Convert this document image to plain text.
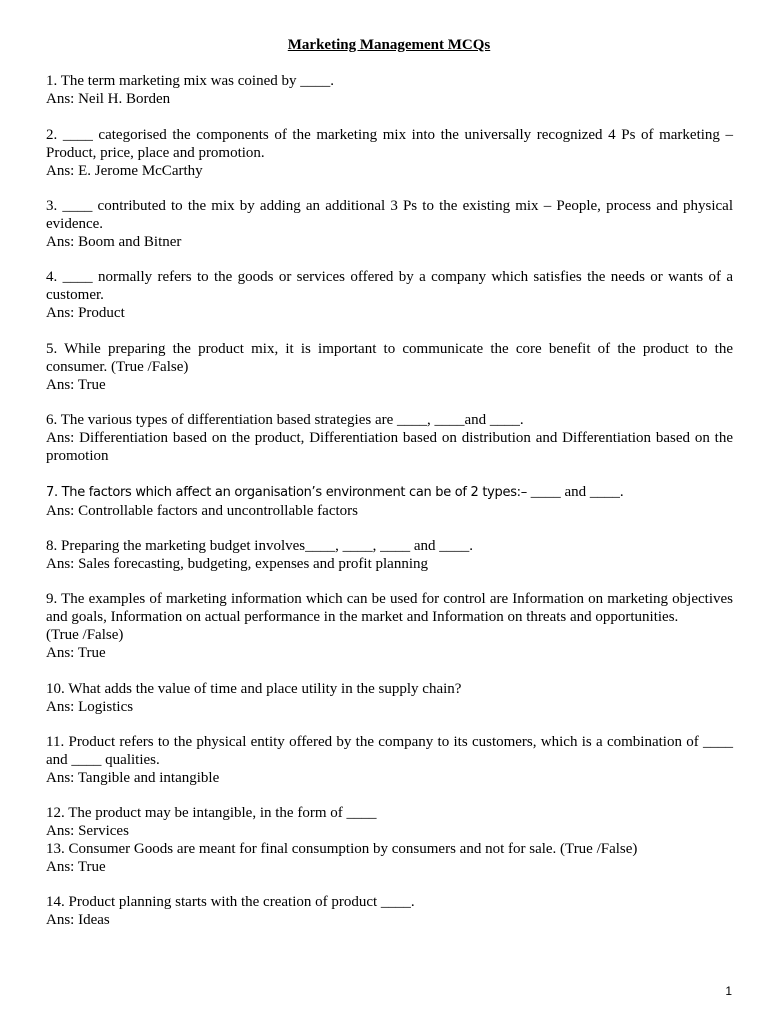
Marketing Management MCQs

1. The term marketing mix was coined by ____.

Ans: Neil H. Borden

2. ____ categorised the components of the marketing mix into the universally recognized 4 Ps of marketing – Product, price, place and promotion.

Ans: E. Jerome McCarthy

3. ____ contributed to the mix by adding an additional 3 Ps to the existing mix – People, process and physical evidence.

Ans: Boom and Bitner

4. ____ normally refers to the goods or services offered by a company which satisfies the needs or wants of a customer.

Ans: Product

5. While preparing the product mix, it is important to communicate the core benefit of the product to the consumer. (True /False)

Ans: True

6. The various types of differentiation based strategies are ____, ____and ____.

Ans: Differentiation based on the product, Differentiation based on distribution and Differentiation based on the promotion

7. The factors which affect an organisation’s environment can be of 2 types:– ____ and ____.

Ans: Controllable factors and uncontrollable factors

8. Preparing the marketing budget involves____, ____, ____ and ____.

Ans: Sales forecasting, budgeting, expenses and profit planning

9. The examples of marketing information which can be used for control are Information on marketing objectives and goals, Information on actual performance in the market and Information on threats and opportunities.

(True /False)

Ans: True

10. What adds the value of time and place utility in the supply chain?

Ans: Logistics

11. Product refers to the physical entity offered by the company to its customers, which is a combination of ____ and ____ qualities.

Ans: Tangible and intangible

12. The product may be intangible, in the form of ____

Ans: Services

13. Consumer Goods are meant for final consumption by consumers and not for sale. (True /False)

Ans: True

14. Product planning starts with the creation of product ____.

Ans: Ideas

1
